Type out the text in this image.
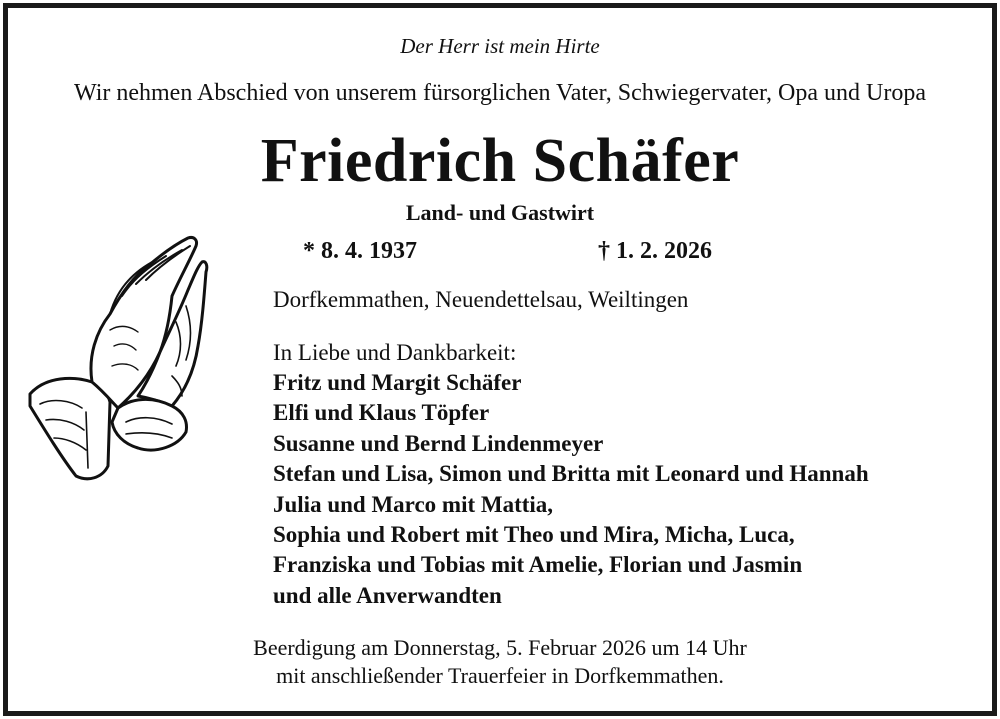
Der Herr ist mein Hirte
Wir nehmen Abschied von unserem fürsorglichen Vater, Schwiegervater, Opa und Uropa
Friedrich Schäfer
Land- und Gastwirt
* 8. 4. 1937	† 1. 2. 2026
Dorfkemmathen, Neuendettelsau, Weiltingen
In Liebe und Dankbarkeit:
Fritz und Margit Schäfer
Elfi und Klaus Töpfer
Susanne und Bernd Lindenmeyer
Stefan und Lisa, Simon und Britta mit Leonard und Hannah
Julia und Marco mit Mattia,
Sophia und Robert mit Theo und Mira, Micha, Luca,
Franziska und Tobias mit Amelie, Florian und Jasmin
und alle Anverwandten
Beerdigung am Donnerstag, 5. Februar 2026 um 14 Uhr
mit anschließender Trauerfeier in Dorfkemmathen.
